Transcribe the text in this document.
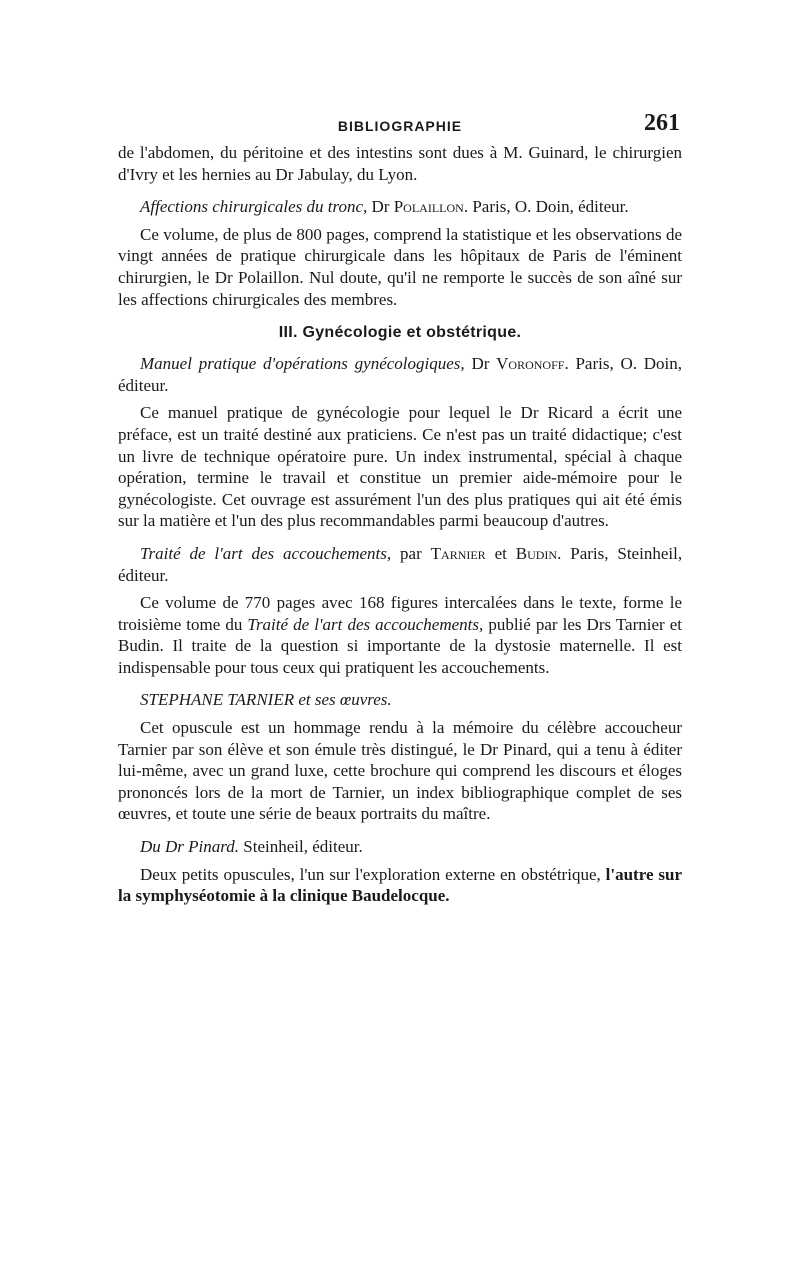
BIBLIOGRAPHIE	261

de l'abdomen, du péritoine et des intestins sont dues à M. Guinard, le chirurgien d'Ivry et les hernies au Dr Jabulay, du Lyon.

Affections chirurgicales du tronc, Dr Polaillon. Paris, O. Doin, éditeur.

Ce volume, de plus de 800 pages, comprend la statistique et les observations de vingt années de pratique chirurgicale dans les hôpitaux de Paris de l'éminent chirurgien, le Dr Polaillon. Nul doute, qu'il ne remporte le succès de son aîné sur les affections chirurgicales des membres.

III. Gynécologie et obstétrique.

Manuel pratique d'opérations gynécologiques, Dr Voronoff. Paris, O. Doin, éditeur.

Ce manuel pratique de gynécologie pour lequel le Dr Ricard a écrit une préface, est un traité destiné aux praticiens. Ce n'est pas un traité didactique; c'est un livre de technique opératoire pure. Un index instrumental, spécial à chaque opération, termine le travail et constitue un premier aide-mémoire pour le gynécologiste. Cet ouvrage est assurément l'un des plus pratiques qui ait été émis sur la matière et l'un des plus recommandables parmi beaucoup d'autres.

Traité de l'art des accouchements, par Tarnier et Budin. Paris, Steinheil, éditeur.

Ce volume de 770 pages avec 168 figures intercalées dans le texte, forme le troisième tome du Traité de l'art des accouchements, publié par les Drs Tarnier et Budin. Il traite de la question si importante de la dystosie maternelle. Il est indispensable pour tous ceux qui pratiquent les accouchements.

STEPHANE TARNIER et ses œuvres.

Cet opuscule est un hommage rendu à la mémoire du célèbre accoucheur Tarnier par son élève et son émule très distingué, le Dr Pinard, qui a tenu à éditer lui-même, avec un grand luxe, cette brochure qui comprend les discours et éloges prononcés lors de la mort de Tarnier, un index bibliographique complet de ses œuvres, et toute une série de beaux portraits du maître.

Du Dr Pinard. Steinheil, éditeur.

Deux petits opuscules, l'un sur l'exploration externe en obstétrique, l'autre sur la symphyséotomie à la clinique Baudelocque.
